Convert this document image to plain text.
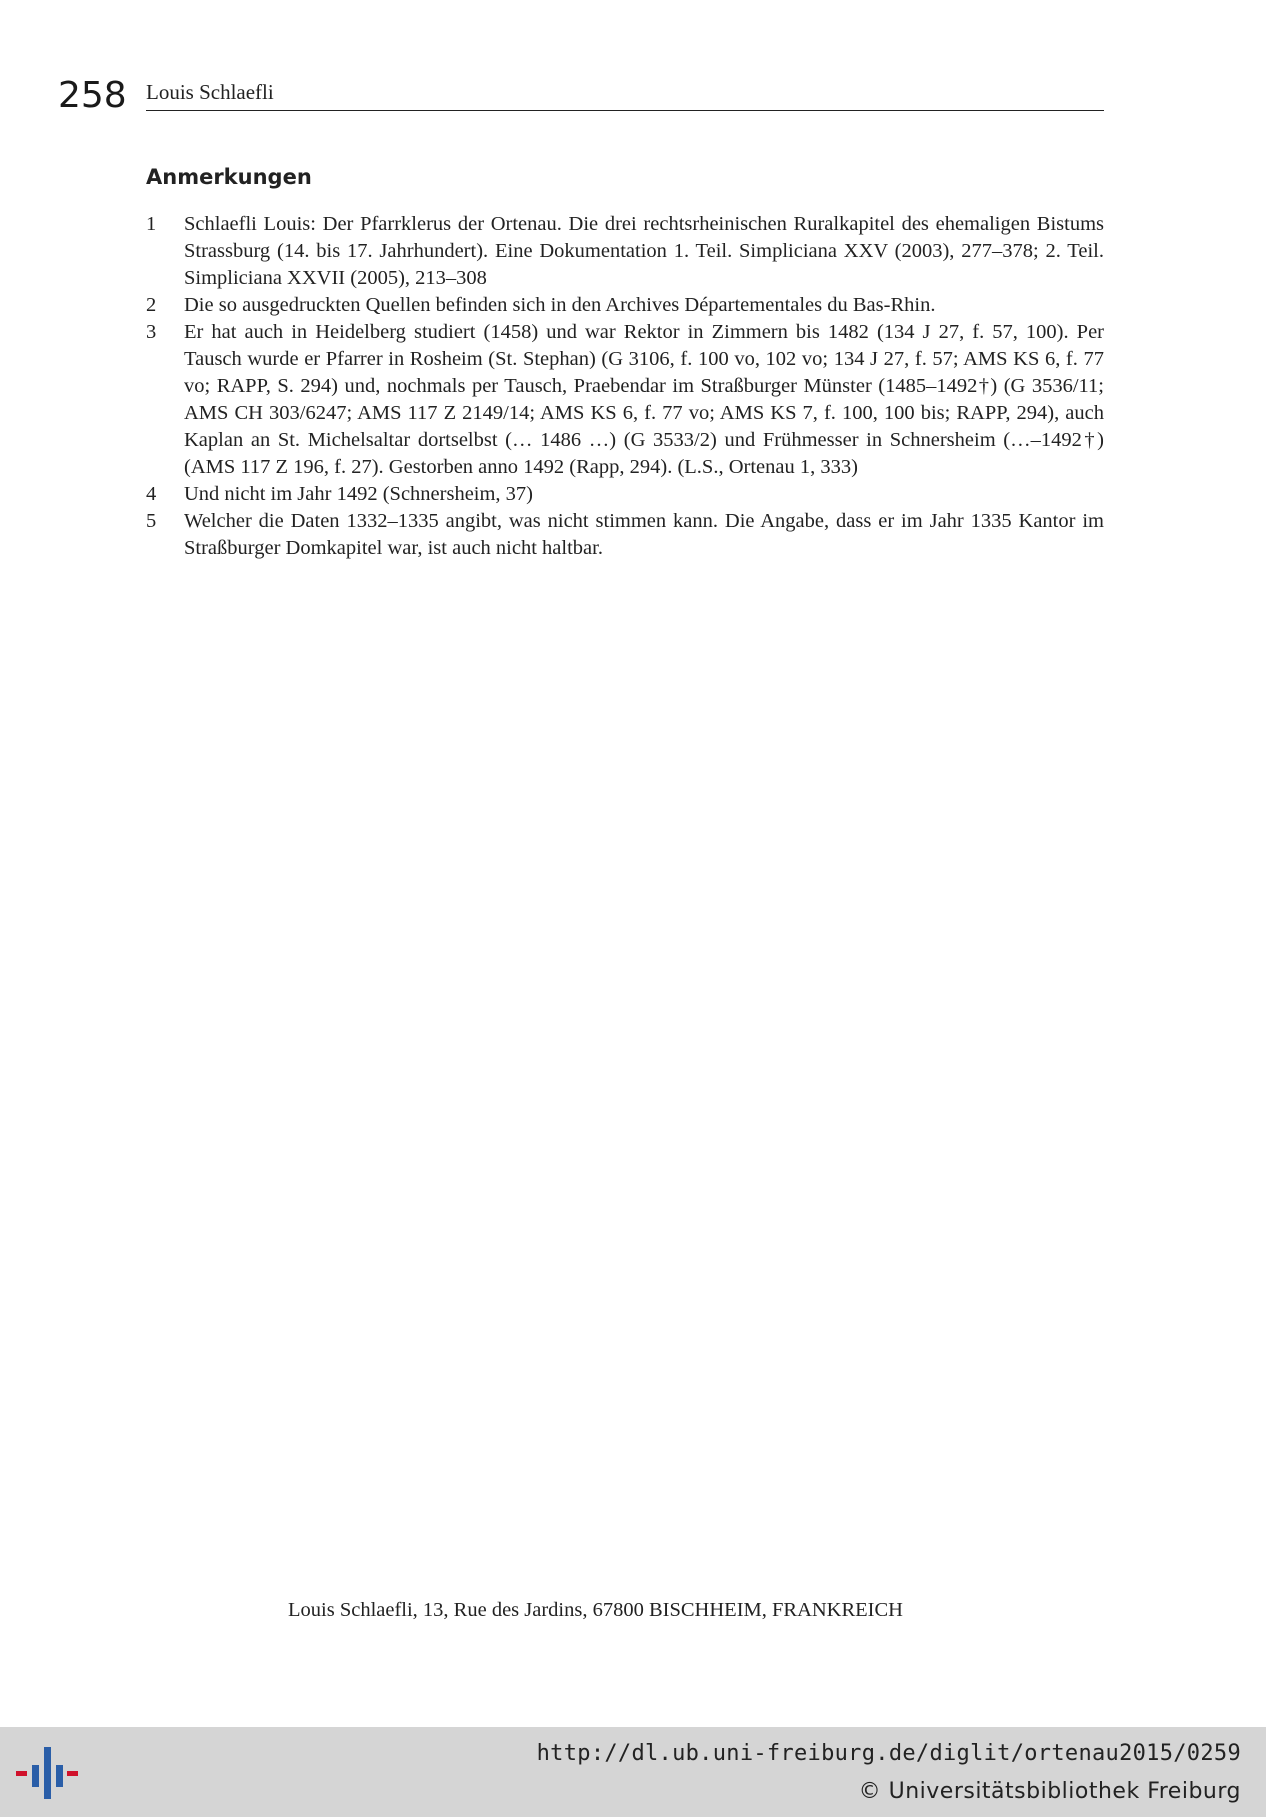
258 Louis Schlaefli
Anmerkungen
1	Schlaefli Louis: Der Pfarrklerus der Ortenau. Die drei rechtsrheinischen Ruralkapitel des ehemaligen Bistums Strassburg (14. bis 17. Jahrhundert). Eine Dokumentation 1. Teil. Simpliciana XXV (2003), 277–378; 2. Teil. Simpliciana XXVII (2005), 213–308
2	Die so ausgedruckten Quellen befinden sich in den Archives Départementales du Bas-Rhin.
3	Er hat auch in Heidelberg studiert (1458) und war Rektor in Zimmern bis 1482 (134 J 27, f. 57, 100). Per Tausch wurde er Pfarrer in Rosheim (St. Stephan) (G 3106, f. 100 vo, 102 vo; 134 J 27, f. 57; AMS KS 6, f. 77 vo; RAPP, S. 294) und, nochmals per Tausch, Praebendar im Straßburger Münster (1485–1492†) (G 3536/11; AMS CH 303/6247; AMS 117 Z 2149/14; AMS KS 6, f. 77 vo; AMS KS 7, f. 100, 100 bis; RAPP, 294), auch Kaplan an St. Michelsaltar dortselbst (… 1486 …) (G 3533/2) und Frühmesser in Schnersheim (…–1492†) (AMS 117 Z 196, f. 27). Gestorben anno 1492 (Rapp, 294). (L.S., Ortenau 1, 333)
4	Und nicht im Jahr 1492 (Schnersheim, 37)
5	Welcher die Daten 1332–1335 angibt, was nicht stimmen kann. Die Angabe, dass er im Jahr 1335 Kantor im Straßburger Domkapitel war, ist auch nicht haltbar.
Louis Schlaefli, 13, Rue des Jardins, 67800 BISCHHEIM, FRANKREICH
http://dl.ub.uni-freiburg.de/diglit/ortenau2015/0259
© Universitätsbibliothek Freiburg
